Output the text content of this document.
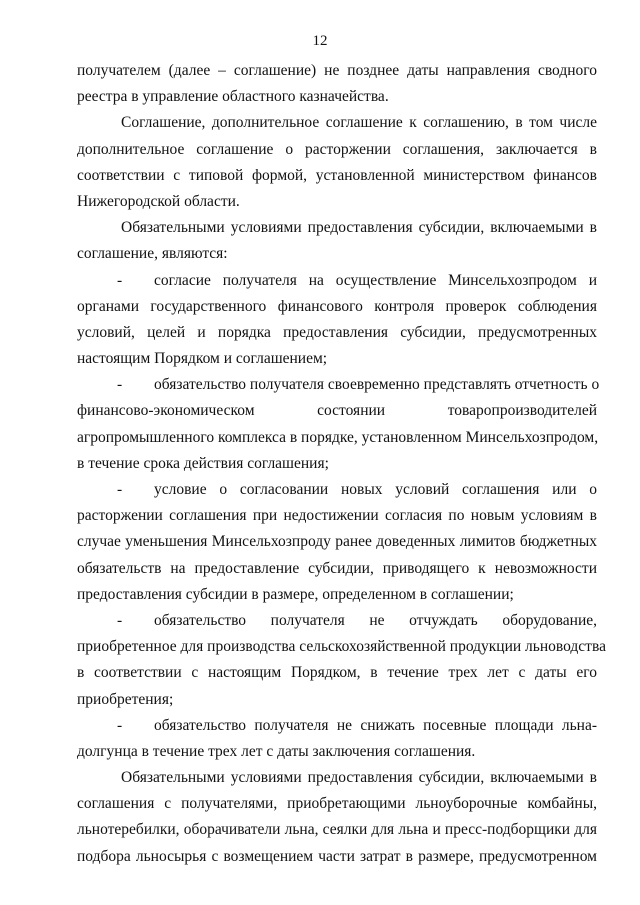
12
получателем (далее – соглашение) не позднее даты направления сводного
реестра в управление областного казначейства.
Соглашение, дополнительное соглашение к соглашению, в том числе
дополнительное соглашение о расторжении соглашения, заключается в
соответствии с типовой формой, установленной министерством финансов
Нижегородской области.
Обязательными условиями предоставления субсидии, включаемыми в
соглашение, являются:
-	согласие получателя на осуществление Минсельхозпродом и
органами государственного финансового контроля проверок соблюдения
условий, целей и порядка предоставления субсидии, предусмотренных
настоящим Порядком и соглашением;
-	обязательство получателя своевременно представлять отчетность о
финансово-экономическом состоянии товаропроизводителей
агропромышленного комплекса в порядке, установленном Минсельхозпродом,
в течение срока действия соглашения;
-	условие о согласовании новых условий соглашения или о
расторжении соглашения при недостижении согласия по новым условиям в
случае уменьшения Минсельхозпроду ранее доведенных лимитов бюджетных
обязательств на предоставление субсидии, приводящего к невозможности
предоставления субсидии в размере, определенном в соглашении;
-	обязательство получателя не отчуждать оборудование,
приобретенное для производства сельскохозяйственной продукции льноводства
в соответствии с настоящим Порядком, в течение трех лет с даты его
приобретения;
-	обязательство получателя не снижать посевные площади льна-
долгунца в течение трех лет с даты заключения соглашения.
Обязательными условиями предоставления субсидии, включаемыми в
соглашения с получателями, приобретающими льноуборочные комбайны,
льнотеребилки, оборачиватели льна, сеялки для льна и пресс-подборщики для
подбора льносырья с возмещением части затрат в размере, предусмотренном
